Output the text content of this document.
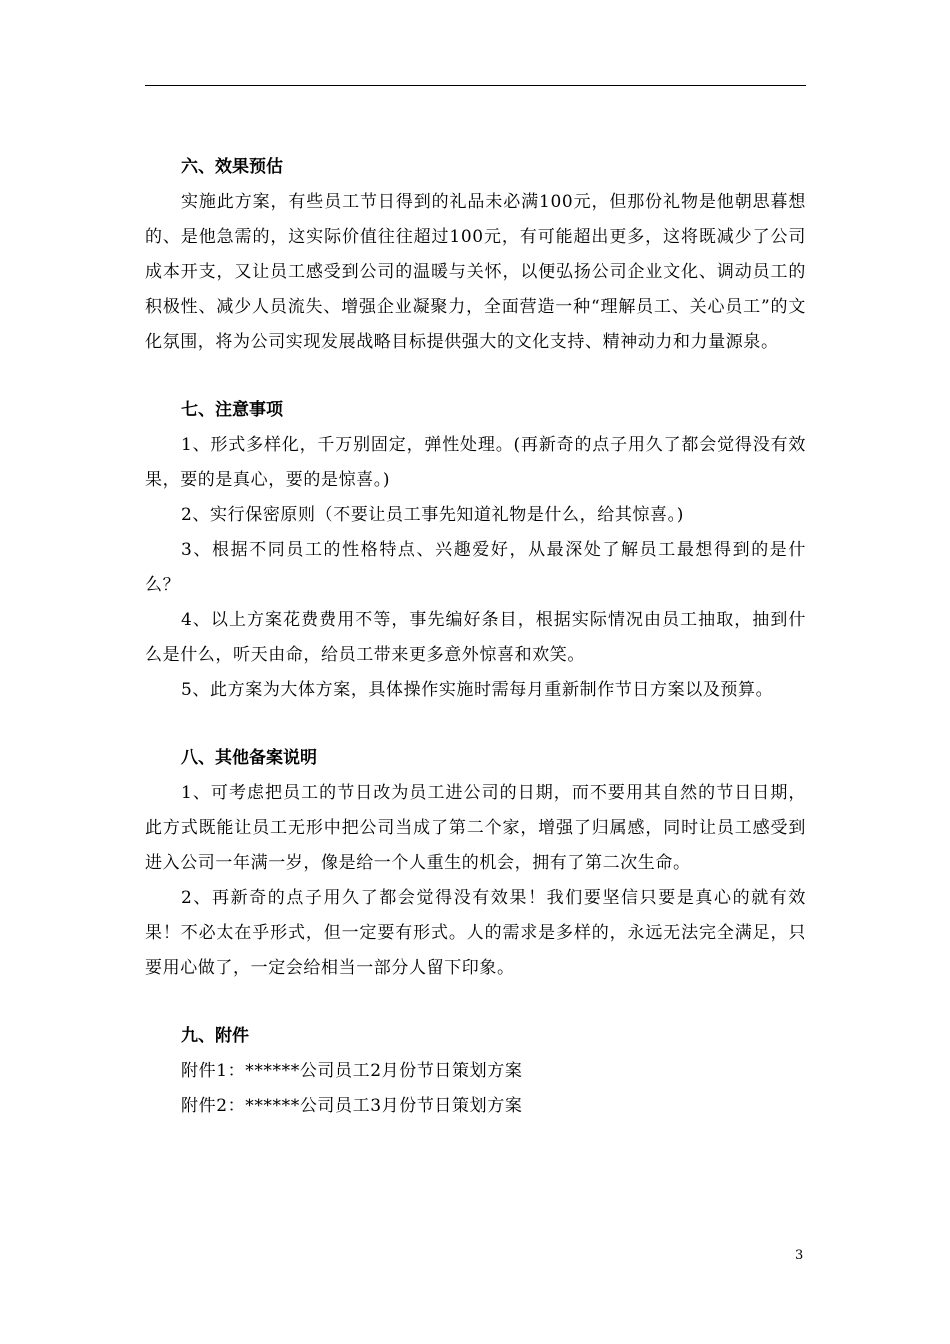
六、效果预估

实施此方案，有些员工节日得到的礼品未必满100元，但那份礼物是他朝思暮想的、是他急需的，这实际价值往往超过100元，有可能超出更多，这将既减少了公司成本开支，又让员工感受到公司的温暖与关怀，以便弘扬公司企业文化、调动员工的积极性、减少人员流失、增强企业凝聚力，全面营造一种“理解员工、关心员工”的文化氛围，将为公司实现发展战略目标提供强大的文化支持、精神动力和力量源泉。

七、注意事项

1、形式多样化，千万别固定，弹性处理。(再新奇的点子用久了都会觉得没有效果，要的是真心，要的是惊喜。)

2、实行保密原则（不要让员工事先知道礼物是什么，给其惊喜。)

3、根据不同员工的性格特点、兴趣爱好，从最深处了解员工最想得到的是什么？

4、以上方案花费费用不等，事先编好条目，根据实际情况由员工抽取，抽到什么是什么，听天由命，给员工带来更多意外惊喜和欢笑。

5、此方案为大体方案，具体操作实施时需每月重新制作节日方案以及预算。

八、其他备案说明

1、可考虑把员工的节日改为员工进公司的日期，而不要用其自然的节日日期，此方式既能让员工无形中把公司当成了第二个家，增强了归属感，同时让员工感受到进入公司一年满一岁，像是给一个人重生的机会，拥有了第二次生命。

2、再新奇的点子用久了都会觉得没有效果！我们要坚信只要是真心的就有效果！不必太在乎形式，但一定要有形式。人的需求是多样的，永远无法完全满足，只要用心做了，一定会给相当一部分人留下印象。

九、附件

附件1：******公司员工2月份节日策划方案

附件2：******公司员工3月份节日策划方案

3
